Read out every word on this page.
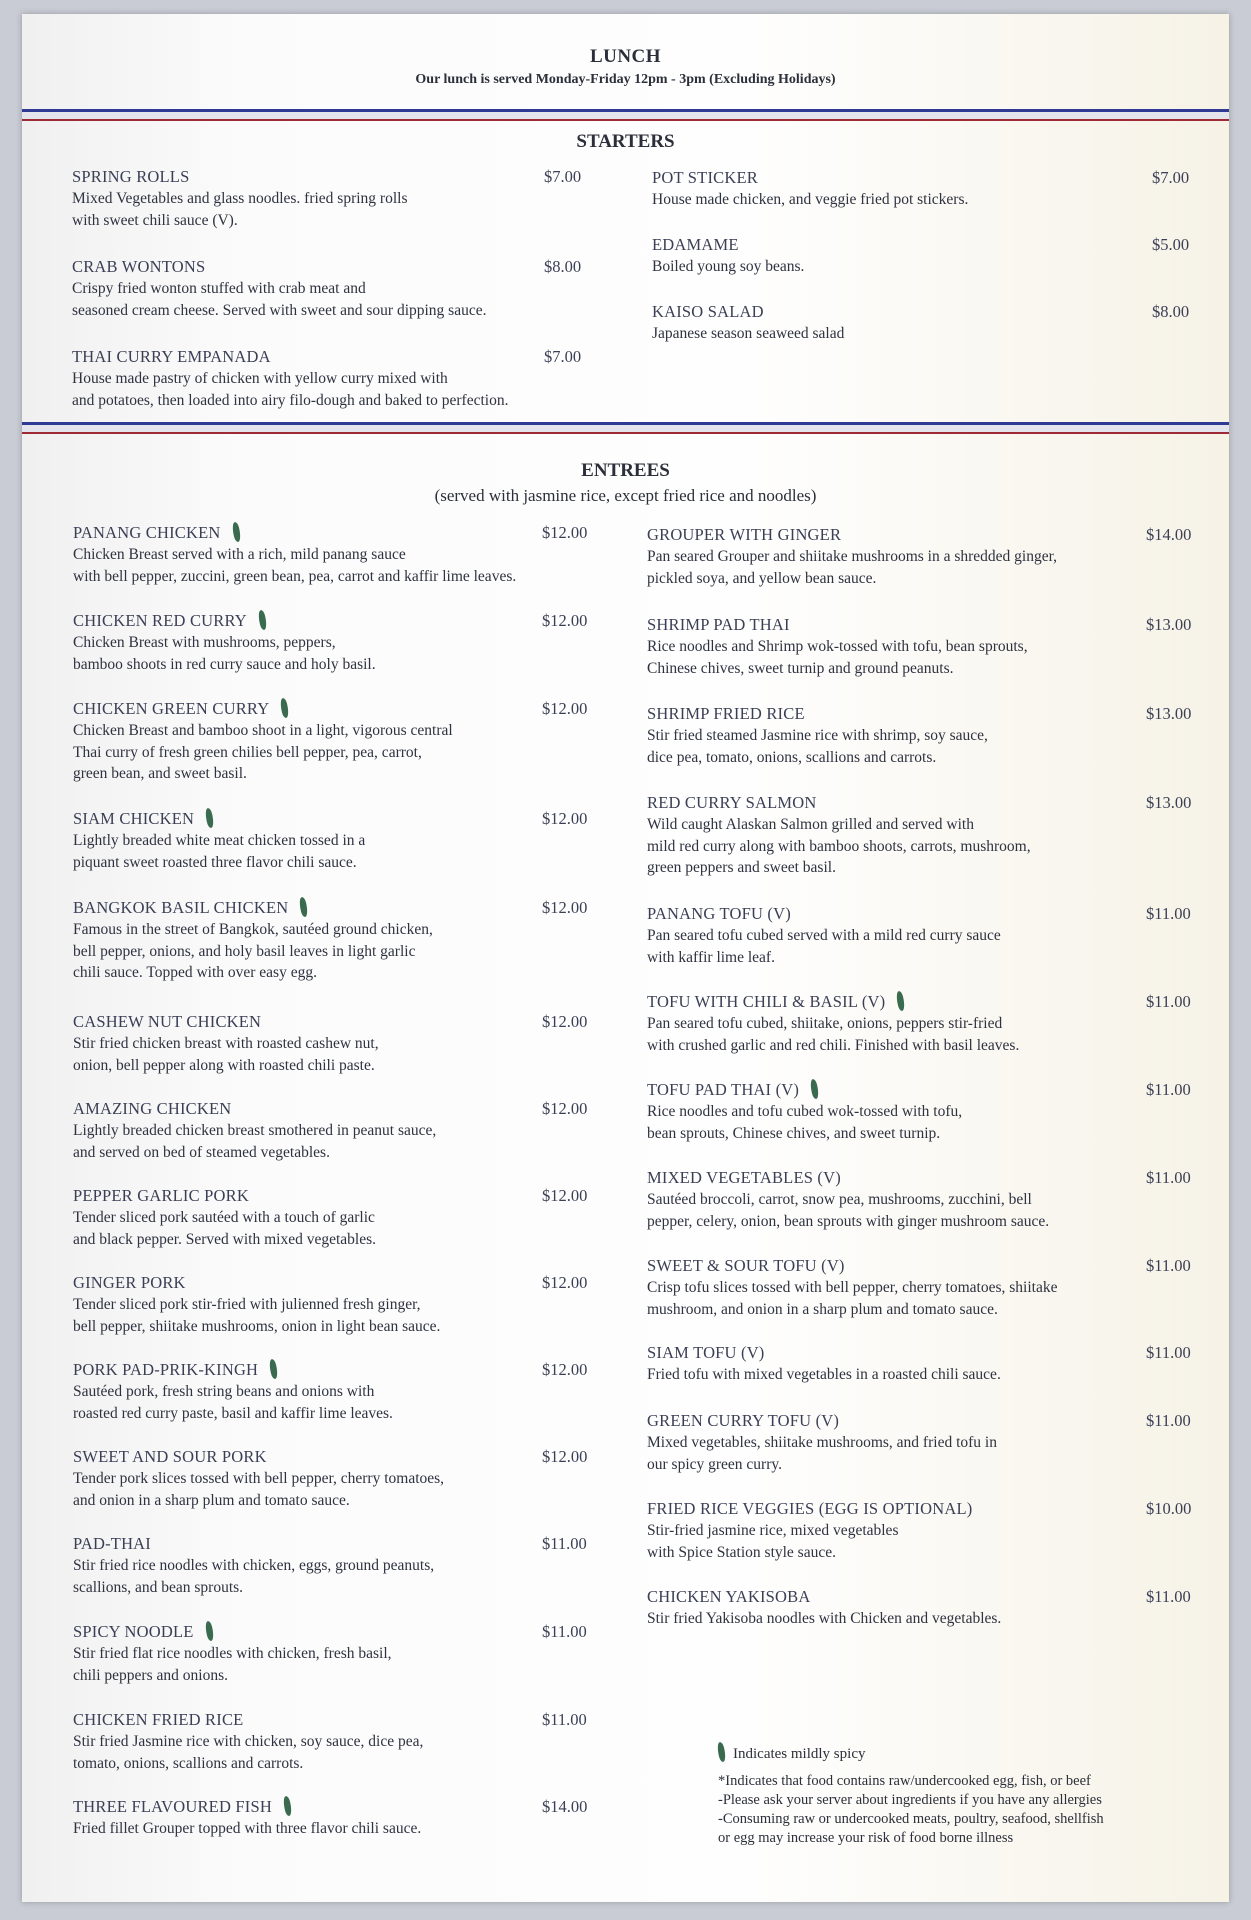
LUNCH
Our lunch is served Monday-Friday 12pm - 3pm (Excluding Holidays)
STARTERS
SPRING ROLLS	$7.00
Mixed Vegetables and glass noodles. fried spring rolls
with sweet chili sauce (V).
CRAB WONTONS	$8.00
Crispy fried wonton stuffed with crab meat and
seasoned cream cheese. Served with sweet and sour dipping sauce.
THAI CURRY EMPANADA	$7.00
House made pastry of chicken with yellow curry mixed with
and potatoes, then loaded into airy filo-dough and baked to perfection.
POT STICKER	$7.00
House made chicken, and veggie fried pot stickers.
EDAMAME	$5.00
Boiled young soy beans.
KAISO SALAD	$8.00
Japanese season seaweed salad
ENTREES
(served with jasmine rice, except fried rice and noodles)
PANANG CHICKEN	$12.00
Chicken Breast served with a rich, mild panang sauce
with bell pepper, zuccini, green bean, pea, carrot and kaffir lime leaves.
CHICKEN RED CURRY	$12.00
Chicken Breast with mushrooms, peppers,
bamboo shoots in red curry sauce and holy basil.
CHICKEN GREEN CURRY	$12.00
Chicken Breast and bamboo shoot in a light, vigorous central
Thai curry of fresh green chilies bell pepper, pea, carrot,
green bean, and sweet basil.
SIAM CHICKEN	$12.00
Lightly breaded white meat chicken tossed in a
piquant sweet roasted three flavor chili sauce.
BANGKOK BASIL CHICKEN	$12.00
Famous in the street of Bangkok, sautéed ground chicken,
bell pepper, onions, and holy basil leaves in light garlic
chili sauce. Topped with over easy egg.
CASHEW NUT CHICKEN	$12.00
Stir fried chicken breast with roasted cashew nut,
onion, bell pepper along with roasted chili paste.
AMAZING CHICKEN	$12.00
Lightly breaded chicken breast smothered in peanut sauce,
and served on bed of steamed vegetables.
PEPPER GARLIC PORK	$12.00
Tender sliced pork sautéed with a touch of garlic
and black pepper. Served with mixed vegetables.
GINGER PORK	$12.00
Tender sliced pork stir-fried with julienned fresh ginger,
bell pepper, shiitake mushrooms, onion in light bean sauce.
PORK PAD-PRIK-KINGH	$12.00
Sautéed pork, fresh string beans and onions with
roasted red curry paste, basil and kaffir lime leaves.
SWEET AND SOUR PORK	$12.00
Tender pork slices tossed with bell pepper, cherry tomatoes,
and onion in a sharp plum and tomato sauce.
PAD-THAI	$11.00
Stir fried rice noodles with chicken, eggs, ground peanuts,
scallions, and bean sprouts.
SPICY NOODLE	$11.00
Stir fried flat rice noodles with chicken, fresh basil,
chili peppers and onions.
CHICKEN FRIED RICE	$11.00
Stir fried Jasmine rice with chicken, soy sauce, dice pea,
tomato, onions, scallions and carrots.
THREE FLAVOURED FISH	$14.00
Fried fillet Grouper topped with three flavor chili sauce.
GROUPER WITH GINGER	$14.00
Pan seared Grouper and shiitake mushrooms in a shredded ginger,
pickled soya, and yellow bean sauce.
SHRIMP PAD THAI	$13.00
Rice noodles and Shrimp wok-tossed with tofu, bean sprouts,
Chinese chives, sweet turnip and ground peanuts.
SHRIMP FRIED RICE	$13.00
Stir fried steamed Jasmine rice with shrimp, soy sauce,
dice pea, tomato, onions, scallions and carrots.
RED CURRY SALMON	$13.00
Wild caught Alaskan Salmon grilled and served with
mild red curry along with bamboo shoots, carrots, mushroom,
green peppers and sweet basil.
PANANG TOFU (V)	$11.00
Pan seared tofu cubed served with a mild red curry sauce
with kaffir lime leaf.
TOFU WITH CHILI & BASIL (V)	$11.00
Pan seared tofu cubed, shiitake, onions, peppers stir-fried
with crushed garlic and red chili. Finished with basil leaves.
TOFU PAD THAI (V)	$11.00
Rice noodles and tofu cubed wok-tossed with tofu,
bean sprouts, Chinese chives, and sweet turnip.
MIXED VEGETABLES (V)	$11.00
Sautéed broccoli, carrot, snow pea, mushrooms, zucchini, bell
pepper, celery, onion, bean sprouts with ginger mushroom sauce.
SWEET & SOUR TOFU (V)	$11.00
Crisp tofu slices tossed with bell pepper, cherry tomatoes, shiitake
mushroom, and onion in a sharp plum and tomato sauce.
SIAM TOFU (V)	$11.00
Fried tofu with mixed vegetables in a roasted chili sauce.
GREEN CURRY TOFU (V)	$11.00
Mixed vegetables, shiitake mushrooms, and fried tofu in
our spicy green curry.
FRIED RICE VEGGIES (EGG IS OPTIONAL)	$10.00
Stir-fried jasmine rice, mixed vegetables
with Spice Station style sauce.
CHICKEN YAKISOBA	$11.00
Stir fried Yakisoba noodles with Chicken and vegetables.
Indicates mildly spicy
*Indicates that food contains raw/undercooked egg, fish, or beef
-Please ask your server about ingredients if you have any allergies
-Consuming raw or undercooked meats, poultry, seafood, shellfish
or egg may increase your risk of food borne illness
